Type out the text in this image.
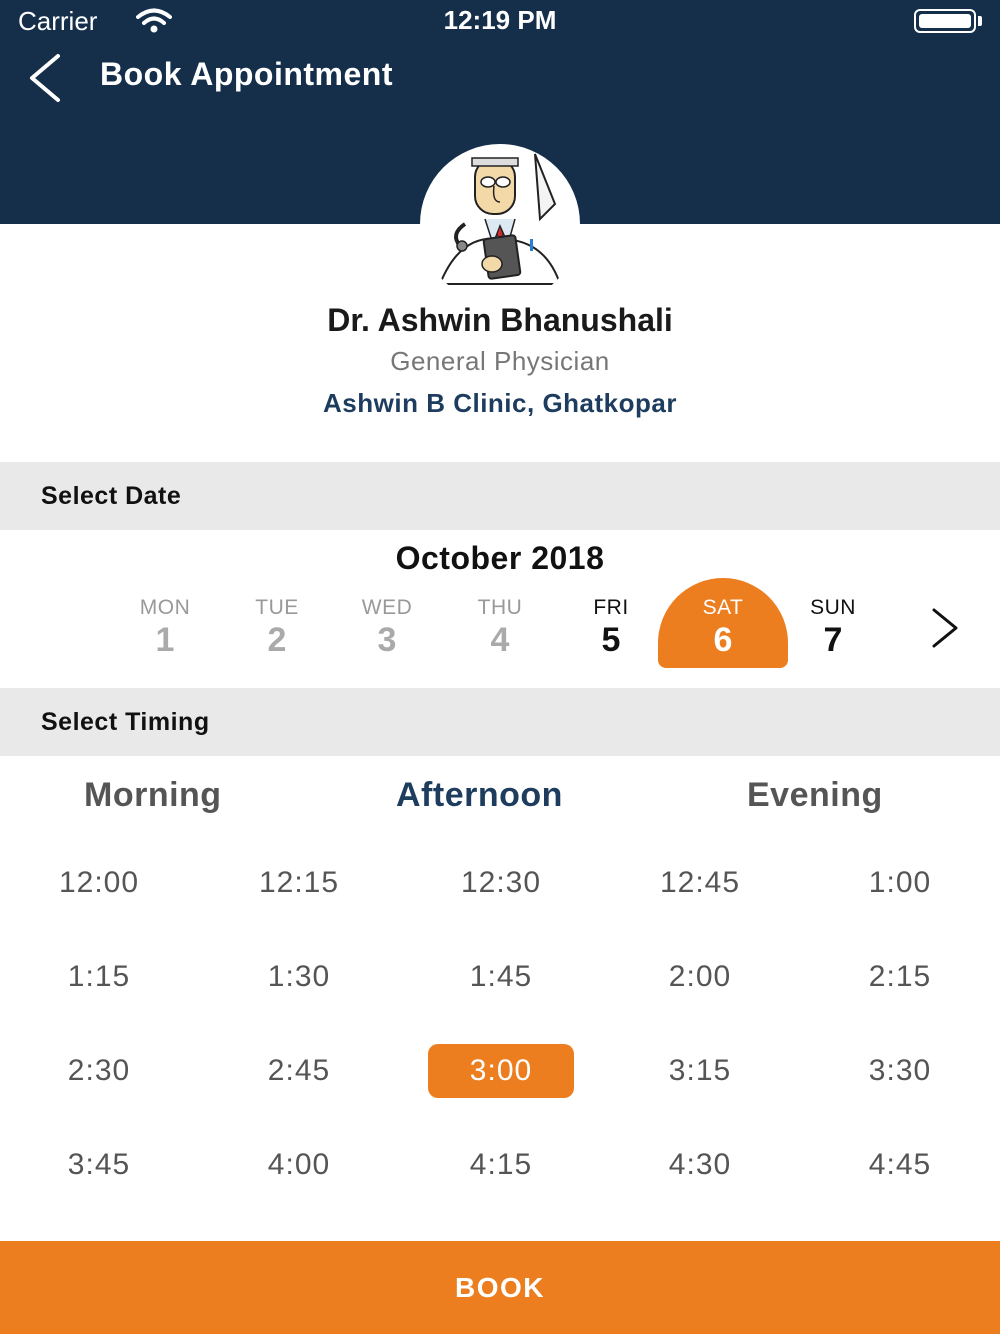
Carrier	12:19 PM
Book Appointment
Dr. Ashwin Bhanushali
General Physician
Ashwin B Clinic, Ghatkopar
Select Date
October 2018
MON
1
TUE
2
WED
3
THU
4
FRI
5
SAT
6
SUN
7
Select Timing
Morning	Afternoon	Evening
12:00	12:15	12:30	12:45	1:00
1:15	1:30	1:45	2:00	2:15
2:30	2:45	3:00	3:15	3:30
3:45	4:00	4:15	4:30	4:45
BOOK
